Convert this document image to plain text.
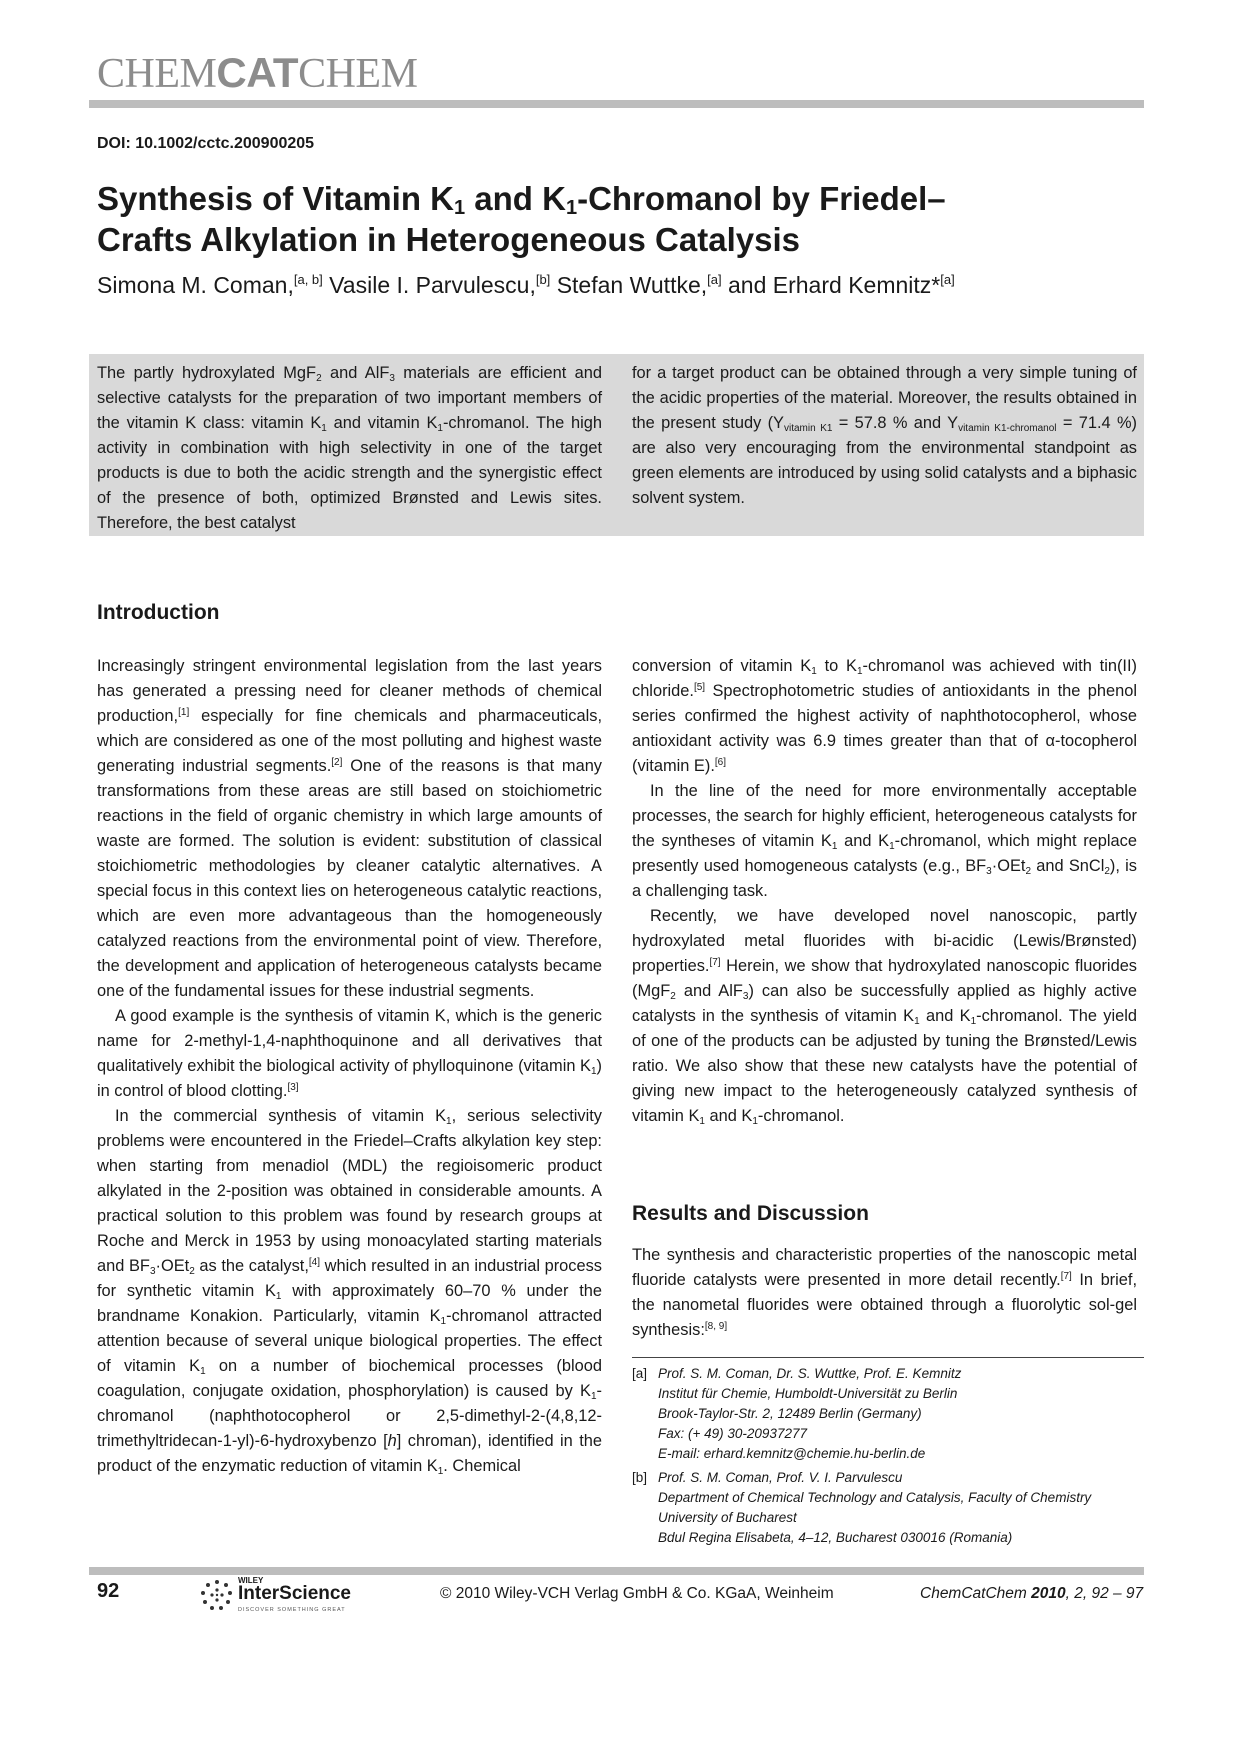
CHEMCATCHEM
DOI: 10.1002/cctc.200900205
Synthesis of Vitamin $K_1$ and $K_1$-Chromanol by Friedel–
Crafts Alkylation in Heterogeneous Catalysis
Simona M. Coman,[a, b] Vasile I. Parvulescu,[b] Stefan Wuttke,[a] and Erhard Kemnitz*[a]

The partly hydroxylated MgF$_2$ and AlF$_3$ materials are efficient and selective catalysts for the preparation of two important members of the vitamin K class: vitamin $K_1$ and vitamin $K_1$-chromanol. The high activity in combination with high selectivity in one of the target products is due to both the acidic strength and the synergistic effect of the presence of both, optimized Brønsted and Lewis sites. Therefore, the best catalyst

for a target product can be obtained through a very simple tuning of the acidic properties of the material. Moreover, the results obtained in the present study ($Y_{vitamin K1} = 57.8$ % and $Y_{vitamin K1-chromanol} = 71.4$ %) are also very encouraging from the environmental standpoint as green elements are introduced by using solid catalysts and a biphasic solvent system.

Introduction
Results and Discussion

Increasingly stringent environmental legislation from the last years has generated a pressing need for cleaner methods of chemical production,[1] especially for fine chemicals and pharmaceuticals, which are considered as one of the most polluting and highest waste generating industrial segments.[2] One of the reasons is that many transformations from these areas are still based on stoichiometric reactions in the field of organic chemistry in which large amounts of waste are formed. The solution is evident: substitution of classical stoichiometric methodologies by cleaner catalytic alternatives. A special focus in this context lies on heterogeneous catalytic reactions, which are even more advantageous than the homogeneously catalyzed reactions from the environmental point of view. Therefore, the development and application of heterogeneous catalysts became one of the fundamental issues for these industrial segments.

A good example is the synthesis of vitamin K, which is the generic name for 2-methyl-1,4-naphthoquinone and all derivatives that qualitatively exhibit the biological activity of phylloquinone (vitamin $K_1$) in control of blood clotting.[3]

In the commercial synthesis of vitamin $K_1$, serious selectivity problems were encountered in the Friedel–Crafts alkylation key step: when starting from menadiol (MDL) the regioisomeric product alkylated in the 2-position was obtained in considerable amounts. A practical solution to this problem was found by research groups at Roche and Merck in 1953 by using monoacylated starting materials and $BF_3\cdot OEt_2$ as the catalyst,[4] which resulted in an industrial process for synthetic vitamin $K_1$ with approximately 60–70 % under the brandname Konakion. Particularly, vitamin $K_1$-chromanol attracted attention because of several unique biological properties. The effect of vitamin $K_1$ on a number of biochemical processes (blood coagulation, conjugate oxidation, phosphorylation) is caused by $K_1$-chromanol (naphthotocopherol or 2,5-dimethyl-2-(4,8,12-trimethyltridecan-1-yl)-6-hydroxybenzo [h] chroman), identified in the product of the enzymatic reduction of vitamin $K_1$. Chemical

conversion of vitamin $K_1$ to $K_1$-chromanol was achieved with tin(II) chloride.[5] Spectrophotometric studies of antioxidants in the phenol series confirmed the highest activity of naphthotocopherol, whose antioxidant activity was 6.9 times greater than that of α-tocopherol (vitamin E).[6]

In the line of the need for more environmentally acceptable processes, the search for highly efficient, heterogeneous catalysts for the syntheses of vitamin $K_1$ and $K_1$-chromanol, which might replace presently used homogeneous catalysts (e.g., $BF_3\cdot OEt_2$ and SnCl$_2$), is a challenging task.

Recently, we have developed novel nanoscopic, partly hydroxylated metal fluorides with bi-acidic (Lewis/Brønsted) properties.[7] Herein, we show that hydroxylated nanoscopic fluorides (MgF$_2$ and AlF$_3$) can also be successfully applied as highly active catalysts in the synthesis of vitamin $K_1$ and $K_1$-chromanol. The yield of one of the products can be adjusted by tuning the Brønsted/Lewis ratio. We also show that these new catalysts have the potential of giving new impact to the heterogeneously catalyzed synthesis of vitamin $K_1$ and $K_1$-chromanol.

The synthesis and characteristic properties of the nanoscopic metal fluoride catalysts were presented in more detail recently.[7] In brief, the nanometal fluorides were obtained through a fluorolytic sol-gel synthesis:[8, 9]

[a] Prof. S. M. Coman, Dr. S. Wuttke, Prof. E. Kemnitz
Institut für Chemie, Humboldt-Universität zu Berlin
Brook-Taylor-Str. 2, 12489 Berlin (Germany)
Fax: (+ 49) 30-20937277
E-mail: erhard.kemnitz@chemie.hu-berlin.de
[b] Prof. S. M. Coman, Prof. V. I. Parvulescu
Department of Chemical Technology and Catalysis, Faculty of Chemistry
University of Bucharest
Bdul Regina Elisabeta, 4–12, Bucharest 030016 (Romania)
92	WILEY
InterScience
DISCOVER SOMETHING GREAT
© 2010 Wiley-VCH Verlag GmbH & Co. KGaA, Weinheim	ChemCatChem 2010, 2, 92 – 97
